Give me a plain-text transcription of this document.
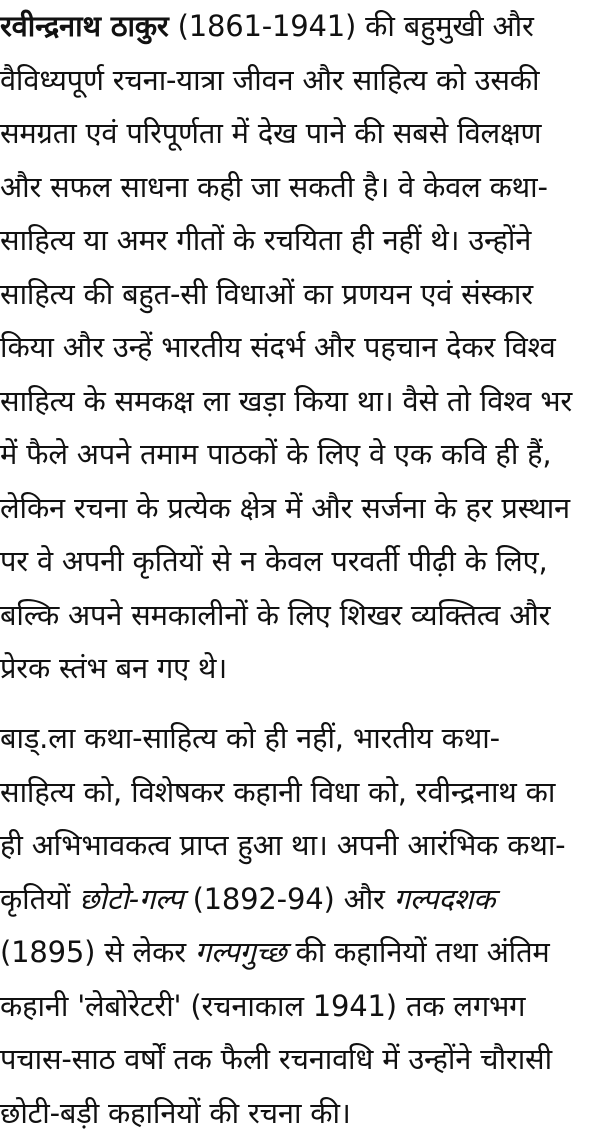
रवीन्द्रनाथ ठाकुर (1861-1941) की बहुमुखी और
वैविध्यपूर्ण रचना-यात्रा जीवन और साहित्य को उसकी
समग्रता एवं परिपूर्णता में देख पाने की सबसे विलक्षण
और सफल साधना कही जा सकती है। वे केवल कथा-
साहित्य या अमर गीतों के रचयिता ही नहीं थे। उन्होंने
साहित्य की बहुत-सी विधाओं का प्रणयन एवं संस्कार
किया और उन्हें भारतीय संदर्भ और पहचान देकर विश्व
साहित्य के समकक्ष ला खड़ा किया था। वैसे तो विश्व भर
में फैले अपने तमाम पाठकों के लिए वे एक कवि ही हैं,
लेकिन रचना के प्रत्येक क्षेत्र में और सर्जना के हर प्रस्थान
पर वे अपनी कृतियों से न केवल परवर्ती पीढ़ी के लिए,
बल्कि अपने समकालीनों के लिए शिखर व्यक्तित्व और
प्रेरक स्तंभ बन गए थे।
बाड्.ला कथा-साहित्य को ही नहीं, भारतीय कथा-
साहित्य को, विशेषकर कहानी विधा को, रवीन्द्रनाथ का
ही अभिभावकत्व प्राप्त हुआ था। अपनी आरंभिक कथा-
कृतियों छोटो-गल्प (1892-94) और गल्पदशक
(1895) से लेकर गल्पगुच्छ की कहानियों तथा अंतिम
कहानी 'लेबोरेटरी' (रचनाकाल 1941) तक लगभग
पचास-साठ वर्षों तक फैली रचनावधि में उन्होंने चौरासी
छोटी-बड़ी कहानियों की रचना की।
